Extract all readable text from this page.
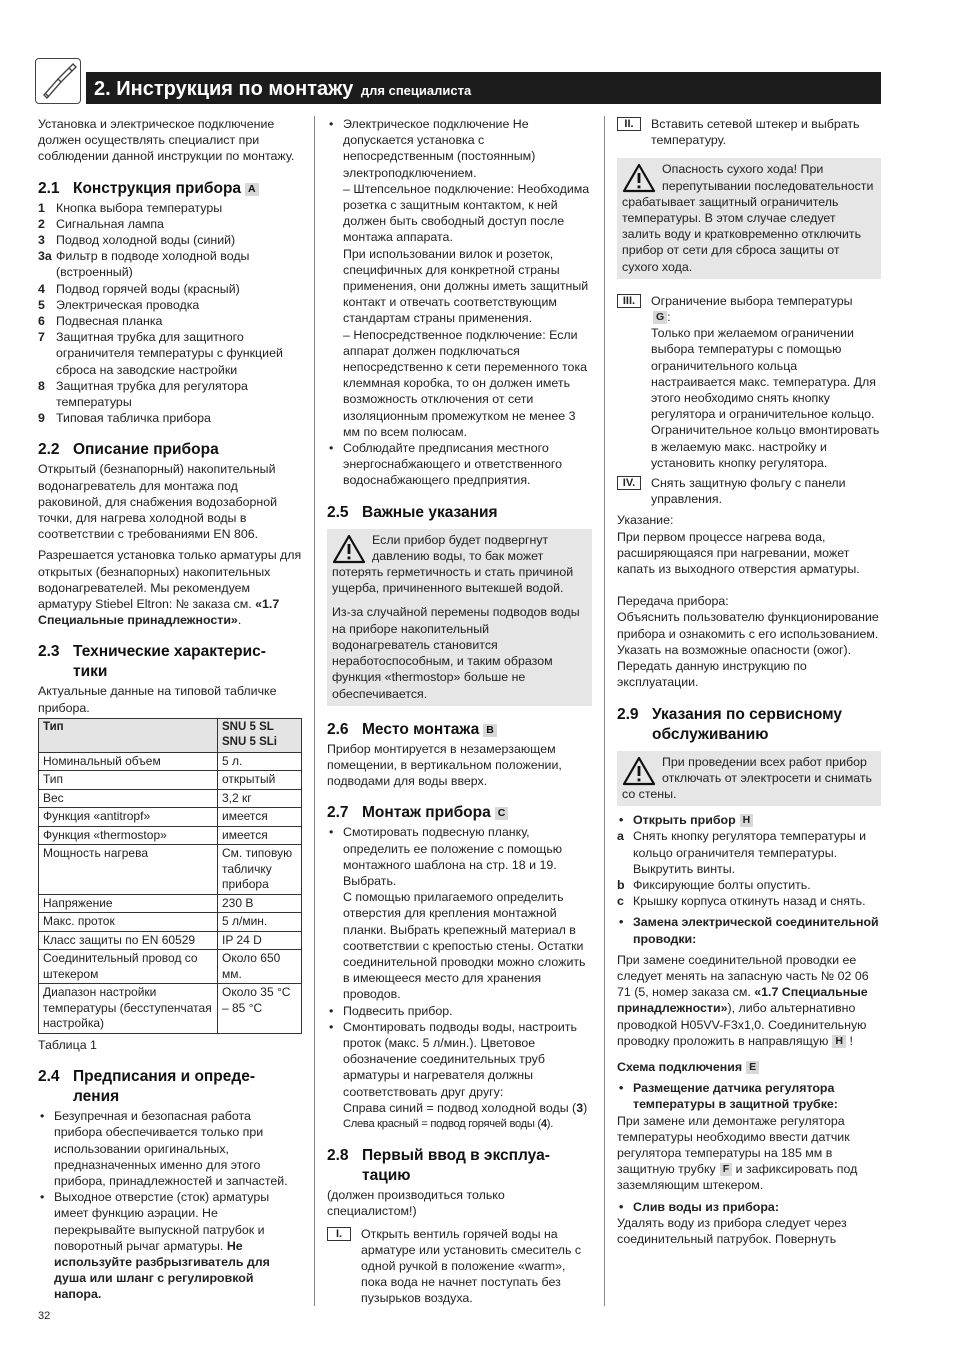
2. Инструкция по монтажу для специалиста

Установка и электрическое подключение должен осуществлять специалист при соблюдении данной инструкции по монтажу.

2.1 Конструкция прибора A
1 Кнопка выбора температуры
2 Сигнальная лампа
3 Подвод холодной воды (синий)
3a Фильтр в подводе холодной воды (встроенный)
4 Подвод горячей воды (красный)
5 Электрическая проводка
6 Подвесная планка
7 Защитная трубка для защитного ограничителя температуры с функцией сброса на заводские настройки
8 Защитная трубка для регулятора температуры
9 Типовая табличка прибора
2.2 Описание прибора

Открытый (безнапорный) накопительный водонагреватель для монтажа под раковиной, для снабжения водозаборной точки, для нагрева холодной воды в соответствии с требованиями EN 806.

Разрешается установка только арматуры для открытых (безнапорных) накопительных водонагревателей. Мы рекомендуем арматуру Stiebel Eltron: № заказа см. «1.7 Специальные принадлежности».

2.3 Технические характерис-
тики

Актуальные данные на типовой табличке прибора.

Тип	SNU 5 SL
SNU 5 SLi
Номинальный объем	5 л.
Тип	открытый
Вес	3,2 кг
Функция «antitropf»	имеется
Функция «thermostop»	имеется
Мощность нагрева	См. типовую табличку прибора
Напряжение	230 В
Макс. проток	5 л/мин.
Класс защиты по EN 60529	IP 24 D
Соединительный провод со штекером	Около 650 мм.
Диапазон настройки температуры (бесступенчатая настройка)	Около 35 °C – 85 °C

Таблица 1

2.4 Предписания и опреде-
ления
• Безупречная и безопасная работа прибора обеспечивается только при использовании оригинальных, предназначенных именно для этого прибора, принадлежностей и запчастей.
• Выходное отверстие (сток) арматуры имеет функцию аэрации. Не перекрывайте выпускной патрубок и поворотный рычаг арматуры. Не используйте разбрызгиватель для душа или шланг с регулировкой напора.

• Электрическое подключение Не допускается установка с непосредственным (постоянным) электроподключением.

– Штепсельное подключение: Необходима розетка с защитным контактом, к ней должен быть свободный доступ после монтажа аппарата.

При использовании вилок и розеток, специфичных для конкретной страны применения, они должны иметь защитный контакт и отвечать соответствующим стандартам страны применения.

– Непосредственное подключение: Если аппарат должен подключаться непосредственно к сети переменного тока клеммная коробка, то он должен иметь возможность отключения от сети изоляционным промежутком не менее 3 мм по всем полюсам.

• Соблюдайте предписания местного энергоснабжающего и ответственного водоснабжающего предприятия.
2.5 Важные указания

Если прибор будет подвергнут давлению воды, то бак может потерять герметичность и стать причиной ущерба, причиненного вытекшей водой.

Из-за случайной перемены подводов воды на приборе накопительный водонагреватель становится неработоспособным, и таким образом функция «thermostop» больше не обеспечивается.

2.6 Место монтажа B

Прибор монтируется в незамерзающем помещении, в вертикальном положении, подводами для воды вверх.

2.7 Монтаж прибора C

• Смотировать подвесную планку, определить ее положение с помощью монтажного шаблона на стр. 18 и 19. Выбрать.

С помощью прилагаемого определить отверстия для крепления монтажной планки. Выбрать крепежный материал в соответствии с крепостью стены. Остатки соединительной проводки можно сложить в имеющееся место для хранения проводов.

• Подвесить прибор.

• Смонтировать подводы воды, настроить проток (макс. 5 л/мин.). Цветовое обозначение соединительных труб арматуры и нагревателя должны соответствовать друг другу:

Справа синий = подвод холодной воды (3)

Слева красный = подвод горячей воды (4).

2.8 Первый ввод в эксплуа-
тацию

(должен производиться только специалистом!)

I.	Открыть вентиль горячей воды на арматуре или установить смеситель с одной ручкой в положение «warm», пока вода не начнет поступать без пузырьков воздуха.
II.	Вставить сетевой штекер и выбрать температуру.

Опасность сухого хода! При перепутывании последовательности срабатывает защитный ограничитель температуры. В этом случае следует залить воду и кратковременно отключить прибор от сети для сброса защиты от сухого хода.

III.	Ограничение выбора температуры
G :

Только при желаемом ограничении выбора температуры с помощью ограничительного кольца настраивается макс. температура. Для этого необходимо снять кнопку регулятора и ограничительное кольцо. Ограничительное кольцо вмонтировать в желаемую макс. настройку и установить кнопку регулятора.

IV.	Снять защитную фольгу с панели управления.

Указание:

При первом процессе нагрева вода, расширяющаяся при нагревании, может капать из выходного отверстия арматуры.

Передача прибора:

Объяснить пользователю функционирование прибора и ознакомить с его использованием. Указать на возможные опасности (ожог). Передать данную инструкцию по эксплуатации.

2.9 Указания по сервисному
обслуживанию

При проведении всех работ прибор отключать от электросети и снимать со стены.

• Открыть прибор H
a Снять кнопку регулятора температуры и кольцо ограничителя температуры. Выкрутить винты.
b Фиксирующие болты опустить.
c Крышку корпуса откинуть назад и снять.
• Замена электрической соединительной проводки:

При замене соединительной проводки ее следует менять на запасную часть № 02 06 71 (5, номер заказа см. «1.7 Специальные принадлежности»), либо альтернативно проводкой H05VV-F3x1,0. Соединительную проводку проложить в направлящую H !

Схема подключения E

• Размещение датчика регулятора температуры в защитной трубке:

При замене или демонтаже регулятора температуры необходимо ввести датчик регулятора температуры на 185 мм в защитную трубку F и зафиксировать под заземляющим штекером.

• Слив воды из прибора:

Удалять воду из прибора следует через соединительный патрубок. Повернуть

32
